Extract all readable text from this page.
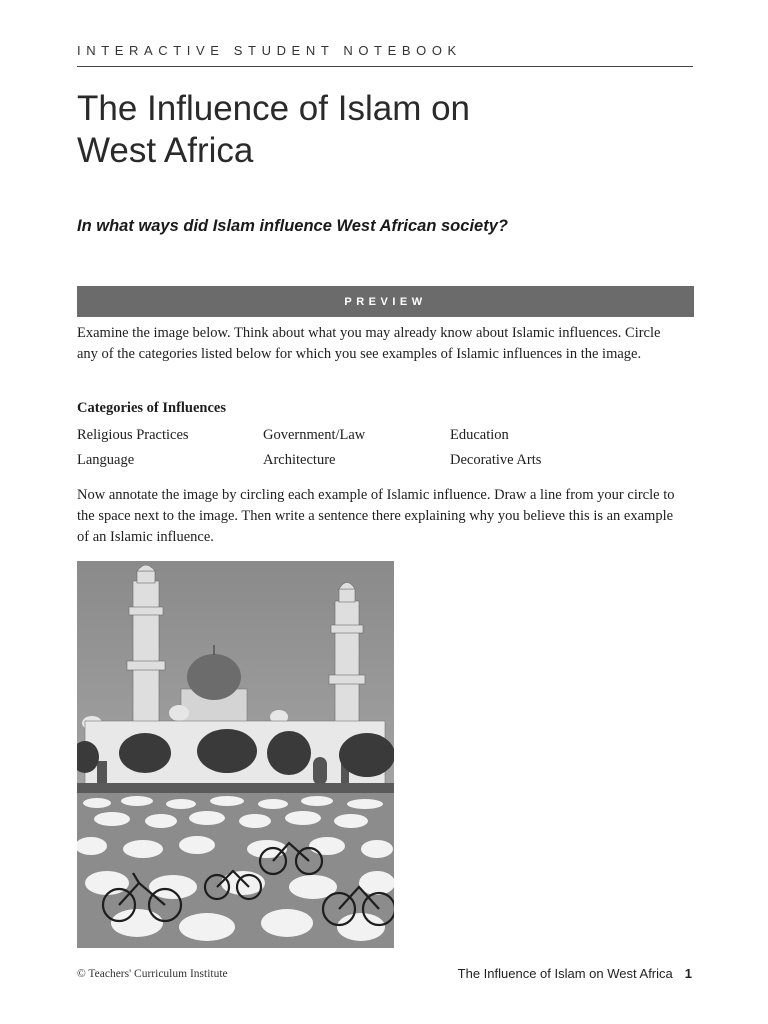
INTERACTIVE STUDENT NOTEBOOK
The Influence of Islam on
West Africa
In what ways did Islam influence West African society?
PREVIEW

Examine the image below. Think about what you may already know about Islamic influences. Circle any of the categories listed below for which you see examples of Islamic influences in the image.

Categories of Influences
Religious Practices	Government/Law	Education
Language	Architecture	Decorative Arts

Now annotate the image by circling each example of Islamic influence. Draw a line from your circle to the space next to the image. Then write a sentence there explaining why you believe this is an example of an Islamic influence.

© Teachers' Curriculum Institute	The Influence of Islam on West Africa 1
